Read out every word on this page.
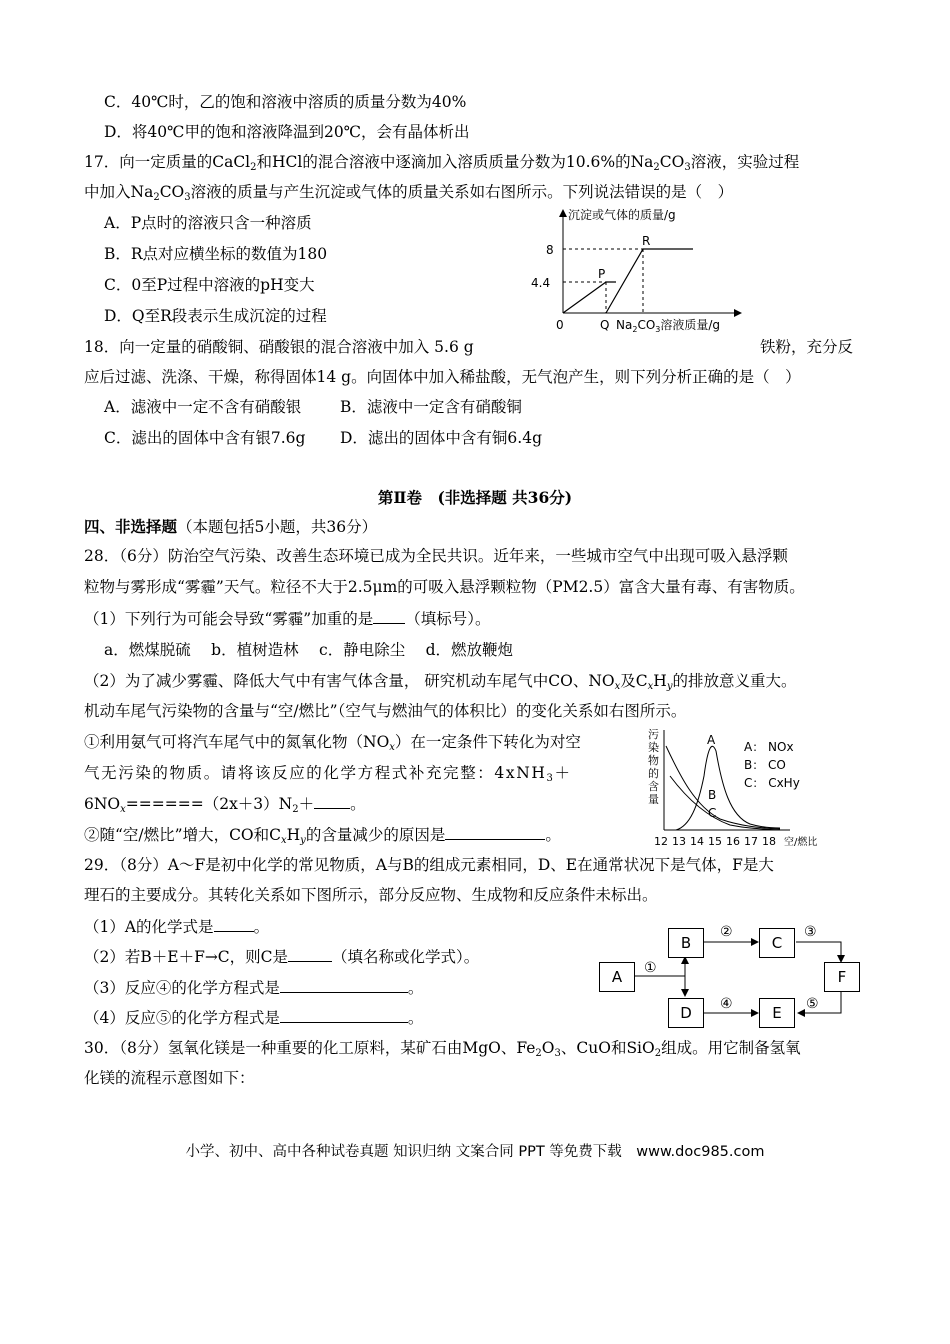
C．40℃时，乙的饱和溶液中溶质的质量分数为40%
D．将40℃甲的饱和溶液降温到20℃，会有晶体析出
17．向一定质量的CaCl$_2$和HCl的混合溶液中逐滴加入溶质质量分数为10.6%的$Na_2CO_3$溶液，实验过程
中加入$Na_2CO_3$溶液的质量与产生沉淀或气体的质量关系如右图所示。下列说法错误的是（　）
A．P点时的溶液只含一种溶质
B．R点对应横坐标的数值为180
C．0至P过程中溶液的pH变大
D．Q至R段表示生成沉淀的过程
沉淀或气体的质量/g
8
4.4
P
R
0	Q $Na_2CO_3$溶液质量/g
18．向一定量的硝酸铜、硝酸银的混合溶液中加入 5.6 g	铁粉，充分反
应后过滤、洗涤、干燥，称得固体14 g。向固体中加入稀盐酸，无气泡产生，则下列分析正确的是（　）
A．滤液中一定不含有硝酸银	B．滤液中一定含有硝酸铜
C．滤出的固体中含有银7.6g D．滤出的固体中含有铜6.4g
第Ⅱ卷　(非选择题 共36分)
四、非选择题（本题包括5小题，共36分）
28．（6分）防治空气污染、改善生态环境已成为全民共识。近年来，一些城市空气中出现可吸入悬浮颗
粒物与雾形成“雾霾”天气。粒径不大于2.5μm的可吸入悬浮颗粒物（PM2.5）富含大量有毒、有害物质。
（1）下列行为可能会导致“雾霾”加重的是 （填标号）。
a．燃煤脱硫　 b．植树造林　 c．静电除尘　 d．燃放鞭炮
（2）为了减少雾霾、降低大气中有害气体含量， 研究机动车尾气中CO、$NO_x$及$C_xH_y$的排放意义重大。
机动车尾气污染物的含量与“空/燃比”（空气与燃油气的体积比）的变化关系如右图所示。
①利用氨气可将汽车尾气中的氮氧化物$(NO_x)$在一定条件下转化为对空
气无污染的物质。请将该反应的化学方程式补充完整：4xNH$_3$＋
$6NO_x======(2x+3)N_2+$ 。
②随“空/燃比”增大，CO和$C_xH_y$的含量减少的原因是	。
污
染
物
的
含
量
A
B
C
A： NOx
B： CO
C： CxHy
12 13 14 15 16 17 18 空/燃比
29．（8分）A～F是初中化学的常见物质，A与B的组成元素相同，D、E在通常状况下是气体，F是大
理石的主要成分。其转化关系如下图所示，部分反应物、生成物和反应条件未标出。
（1）A的化学式是	。
（2）若B＋E＋F→C，则C是	（填名称或化学式）。
（3）反应④的化学方程式是	。
（4）反应⑤的化学方程式是	。
①
②	③
④	⑤
A
B	C
D	E
F
30．（8分）氢氧化镁是一种重要的化工原料，某矿石由MgO、$Fe_2O_3$、CuO和SiO$_2$组成。用它制备氢氧
化镁的流程示意图如下：
小学、初中、高中各种试卷真题 知识归纳 文案合同 PPT 等免费下载　www.doc985.com
